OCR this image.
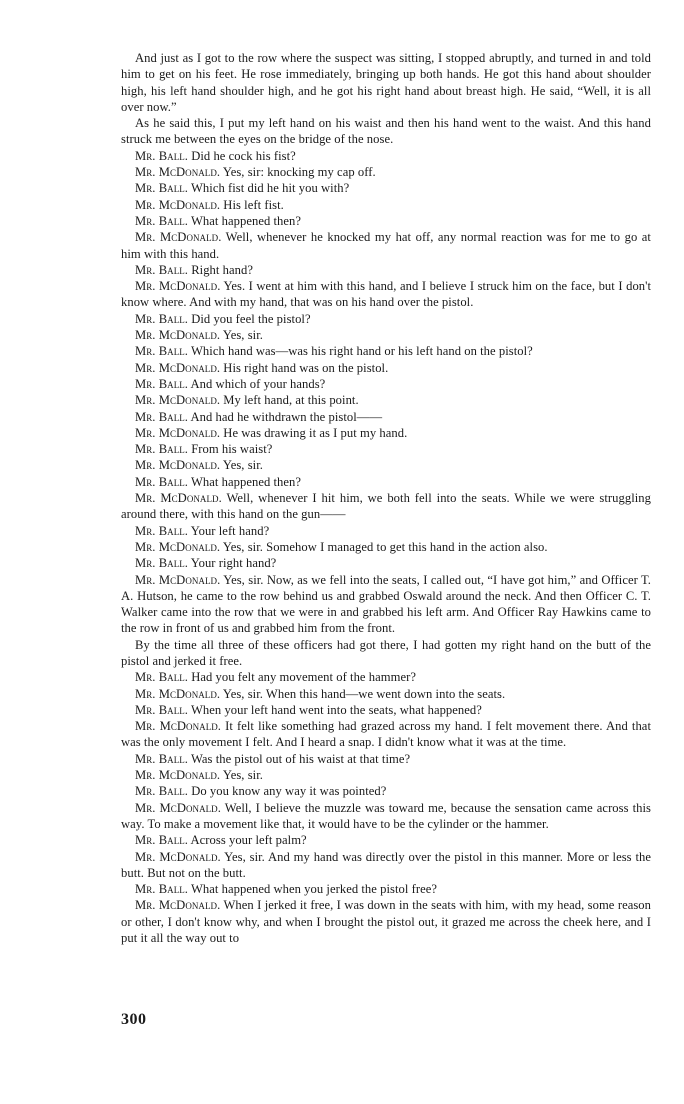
And just as I got to the row where the suspect was sitting, I stopped abruptly, and turned in and told him to get on his feet. He rose immediately, bringing up both hands. He got this hand about shoulder high, his left hand shoulder high, and he got his right hand about breast high. He said, “Well, it is all over now.”

As he said this, I put my left hand on his waist and then his hand went to the waist. And this hand struck me between the eyes on the bridge of the nose.

Mr. Ball. Did he cock his fist?

Mr. McDonald. Yes, sir: knocking my cap off.

Mr. Ball. Which fist did he hit you with?

Mr. McDonald. His left fist.

Mr. Ball. What happened then?

Mr. McDonald. Well, whenever he knocked my hat off, any normal reaction was for me to go at him with this hand.

Mr. Ball. Right hand?

Mr. McDonald. Yes. I went at him with this hand, and I believe I struck him on the face, but I don't know where. And with my hand, that was on his hand over the pistol.

Mr. Ball. Did you feel the pistol?

Mr. McDonald. Yes, sir.

Mr. Ball. Which hand was—was his right hand or his left hand on the pistol?

Mr. McDonald. His right hand was on the pistol.

Mr. Ball. And which of your hands?

Mr. McDonald. My left hand, at this point.

Mr. Ball. And had he withdrawn the pistol——

Mr. McDonald. He was drawing it as I put my hand.

Mr. Ball. From his waist?

Mr. McDonald. Yes, sir.

Mr. Ball. What happened then?

Mr. McDonald. Well, whenever I hit him, we both fell into the seats. While we were struggling around there, with this hand on the gun——

Mr. Ball. Your left hand?

Mr. McDonald. Yes, sir. Somehow I managed to get this hand in the action also.

Mr. Ball. Your right hand?

Mr. McDonald. Yes, sir. Now, as we fell into the seats, I called out, “I have got him,” and Officer T. A. Hutson, he came to the row behind us and grabbed Oswald around the neck. And then Officer C. T. Walker came into the row that we were in and grabbed his left arm. And Officer Ray Hawkins came to the row in front of us and grabbed him from the front.

By the time all three of these officers had got there, I had gotten my right hand on the butt of the pistol and jerked it free.

Mr. Ball. Had you felt any movement of the hammer?

Mr. McDonald. Yes, sir. When this hand—we went down into the seats.

Mr. Ball. When your left hand went into the seats, what happened?

Mr. McDonald. It felt like something had grazed across my hand. I felt movement there. And that was the only movement I felt. And I heard a snap. I didn't know what it was at the time.

Mr. Ball. Was the pistol out of his waist at that time?

Mr. McDonald. Yes, sir.

Mr. Ball. Do you know any way it was pointed?

Mr. McDonald. Well, I believe the muzzle was toward me, because the sensation came across this way. To make a movement like that, it would have to be the cylinder or the hammer.

Mr. Ball. Across your left palm?

Mr. McDonald. Yes, sir. And my hand was directly over the pistol in this manner. More or less the butt. But not on the butt.

Mr. Ball. What happened when you jerked the pistol free?

Mr. McDonald. When I jerked it free, I was down in the seats with him, with my head, some reason or other, I don't know why, and when I brought the pistol out, it grazed me across the cheek here, and I put it all the way out to

300
